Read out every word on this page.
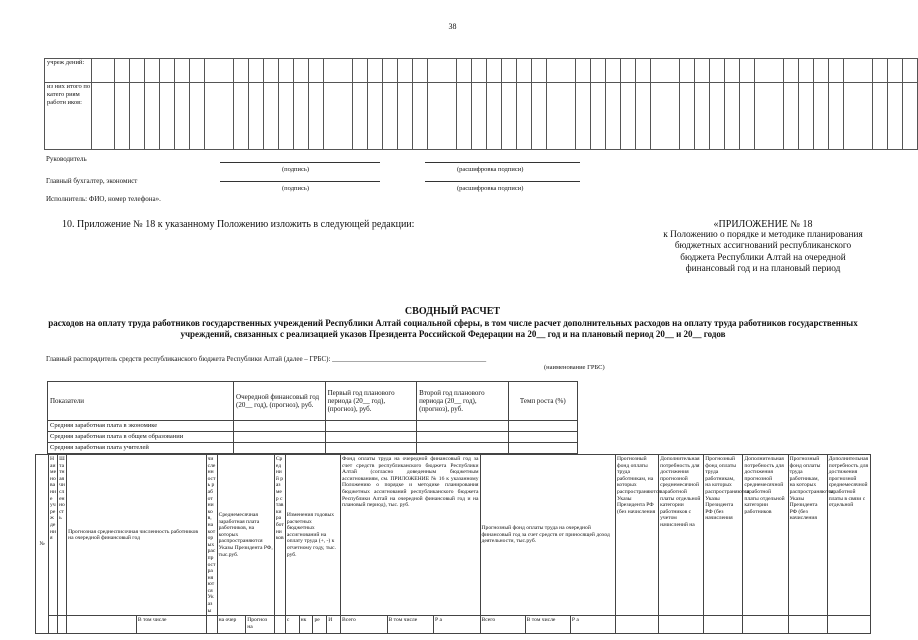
38
учреж дений:																																																
из них итого по катего риям работн иков:																																																
Руководитель
(подпись)	(расшифровка подписи)
Главный бухгалтер, экономист
(подпись)	(расшифровка подписи)
Исполнитель: ФИО, номер телефона».
10. Приложение № 18 к указанному Положению изложить в следующей редакции:	«ПРИЛОЖЕНИЕ № 18
к Положению о порядке и методике планирования бюджетных ассигнований республиканского бюджета Республики Алтай на очередной финансовый год и на плановый период
СВОДНЫЙ РАСЧЕТ
расходов на оплату труда работников государственных учреждений Республики Алтай социальной сферы, в том числе расчет дополнительных расходов на оплату труда работников государственных учреждений, связанных с реализацией указов Президента Российской Федерации на 20__ год и на плановый период 20__ и 20__ годов
Главный распорядитель средств республиканского бюджета Республики Алтай (далее – ГРБС): ____________________________________________
(наименование ГРБС)
Показатели	Очередной финансовый год (20__ год), (прогноз), руб.	Первый год планового периода (20__ год), (прогноз), руб.	Второй год планового периода (20__ год), (прогноз), руб.	Темп роста (%)
Средняя заработная плата в экономике				
Средняя заработная плата в общем образовании				
Средняя заработная плата учителей				
№	Наименование учреждения	Штатная численность	Прогнозная среднесписочная численность работников на очередной финансовый год		численность работников, на которых распространяются Указы	Среднемесячная заработная плата работников, на которых распространяются Указы Президента РФ, тыс.руб.		Средний размер ставки работников	Изменения годовых расчетных бюджетных ассигнований на оплату труда (+, -) к отчетному году, тыс. руб.				Фонд оплаты труда на очередной финансовый год за счет средств республиканского бюджета Республики Алтай (согласно доведенным бюджетным ассигнованиям, см. ПРИЛОЖЕНИЕ № 16 к указанному Положению о порядке и методике планирования бюджетных ассигнований республиканского бюджета Республики Алтай на очередной финансовый год и на плановый период), тыс. руб.			Прогнозный фонд оплаты труда на очередной финансовый год за счет средств от приносящей доход деятельности, тыс.руб.			Прогнозный фонд оплаты труда работникам, на которых распространяются Указы Президента РФ (без начисления	Дополнительная потребность для достижения прогнозной среднемесячной заработной платы отдельной категории работников с учетом начислений на	Прогнозный фонд оплаты труда работникам, на которых распространяются Указы Президента РФ (без начисления	Дополнительная потребность для достижения прогнозной среднемесячной заработной платы отдельной категории работников	Прогнозный фонд оплаты труда работникам, на которых распространяются Указы Президента РФ (без начисления	Дополнительная потребность для достижения прогнозной среднемесячной заработной платы в связи с отдельной
				В том числе		на очер	Прогноз на		с	нк	ре	И	Всего	В том числе	Р а	Всего	В том числе	Р а						
